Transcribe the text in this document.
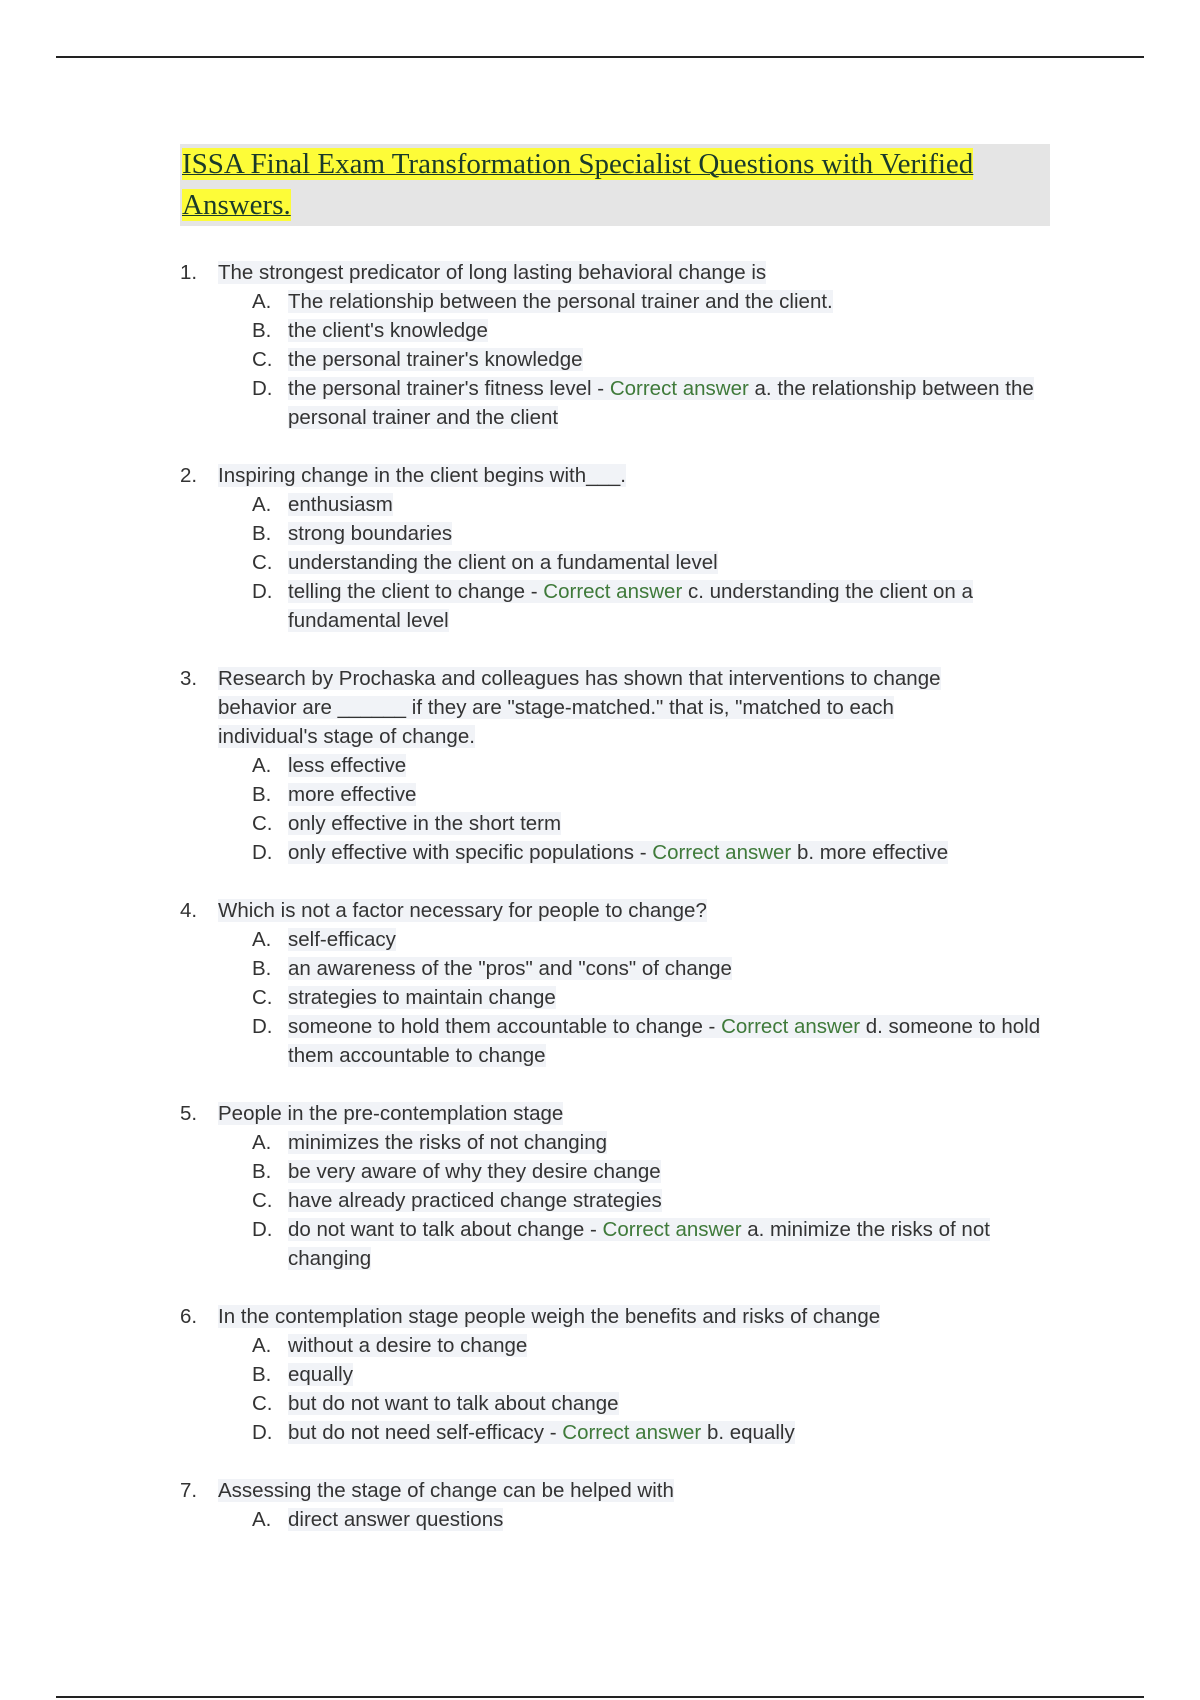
ISSA Final Exam Transformation Specialist Questions with Verified Answers.
1.	The strongest predicator of long lasting behavioral change is
A. The relationship between the personal trainer and the client.
B. the client's knowledge
C. the personal trainer's knowledge
D. the personal trainer's fitness level - Correct answer a. the relationship between the personal trainer and the client
2.	Inspiring change in the client begins with___.
A. enthusiasm
B. strong boundaries
C. understanding the client on a fundamental level
D. telling the client to change - Correct answer c. understanding the client on a fundamental level
3.	Research by Prochaska and colleagues has shown that interventions to change behavior are ______ if they are "stage-matched." that is, "matched to each individual's stage of change.
A. less effective
B. more effective
C. only effective in the short term
D. only effective with specific populations - Correct answer b. more effective
4.	Which is not a factor necessary for people to change?
A. self-efficacy
B. an awareness of the "pros" and "cons" of change
C. strategies to maintain change
D. someone to hold them accountable to change - Correct answer d. someone to hold them accountable to change
5.	People in the pre-contemplation stage
A. minimizes the risks of not changing
B. be very aware of why they desire change
C. have already practiced change strategies
D. do not want to talk about change - Correct answer a. minimize the risks of not changing
6.	In the contemplation stage people weigh the benefits and risks of change
A. without a desire to change
B. equally
C. but do not want to talk about change
D. but do not need self-efficacy - Correct answer b. equally
7.	Assessing the stage of change can be helped with
A. direct answer questions
